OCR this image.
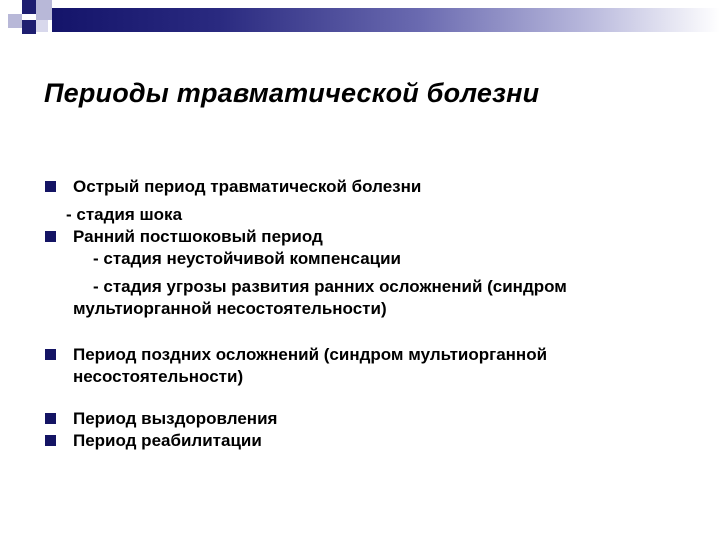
Периоды травматической болезни
Острый период травматической болезни
- стадия шока
Ранний постшоковый период
- стадия неустойчивой компенсации
- стадия угрозы развития ранних осложнений (синдром
мультиорганной несостоятельности)
Период поздних осложнений (синдром мультиорганной
несостоятельности)
Период выздоровления
Период реабилитации
